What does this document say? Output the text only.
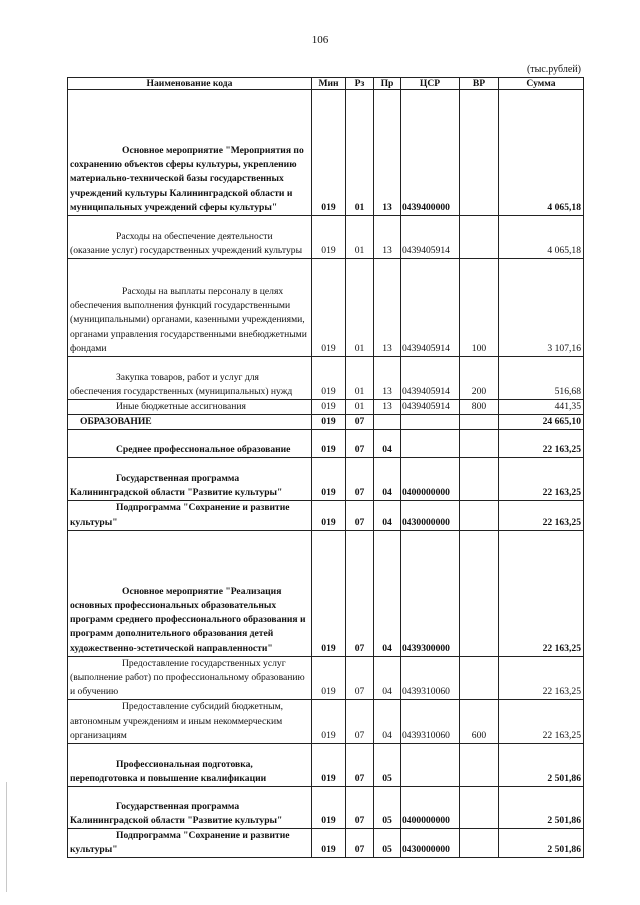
106
(тыс.рублей)
Наименование кода	Мин	Рз	Пр	ЦСР	ВР	Сумма
Основное мероприятие "Мероприятия по сохранению объектов сферы культуры, укреплению материально-технической базы государственных учреждений культуры Калининградской области и муниципальных учреждений сферы культуры"	019	01	13	0439400000		4 065,18
Расходы на обеспечение деятельности (оказание услуг) государственных учреждений культуры	019	01	13	0439405914		4 065,18
Расходы на выплаты персоналу в целях обеспечения выполнения функций государственными (муниципальными) органами, казенными учреждениями, органами управления государственными внебюджетными фондами	019	01	13	0439405914	100	3 107,16
Закупка товаров, работ и услуг для обеспечения государственных (муниципальных) нужд	019	01	13	0439405914	200	516,68
Иные бюджетные ассигнования	019	01	13	0439405914	800	441,35
ОБРАЗОВАНИЕ	019	07				24 665,10
Среднее профессиональное образование	019	07	04			22 163,25
Государственная программа Калининградской области "Развитие культуры"	019	07	04	0400000000		22 163,25
Подпрограмма "Сохранение и развитие культуры"	019	07	04	0430000000		22 163,25
Основное мероприятие "Реализация основных профессиональных образовательных программ среднего профессионального образования и программ дополнительного образования детей художественно-эстетической направленности"	019	07	04	0439300000		22 163,25
Предоставление государственных услуг (выполнение работ) по профессиональному образованию и обучению	019	07	04	0439310060		22 163,25
Предоставление субсидий бюджетным, автономным учреждениям и иным некоммерческим организациям	019	07	04	0439310060	600	22 163,25
Профессиональная подготовка, переподготовка и повышение квалификации	019	07	05			2 501,86
Государственная программа Калининградской области "Развитие культуры"	019	07	05	0400000000		2 501,86
Подпрограмма "Сохранение и развитие культуры"	019	07	05	0430000000		2 501,86
